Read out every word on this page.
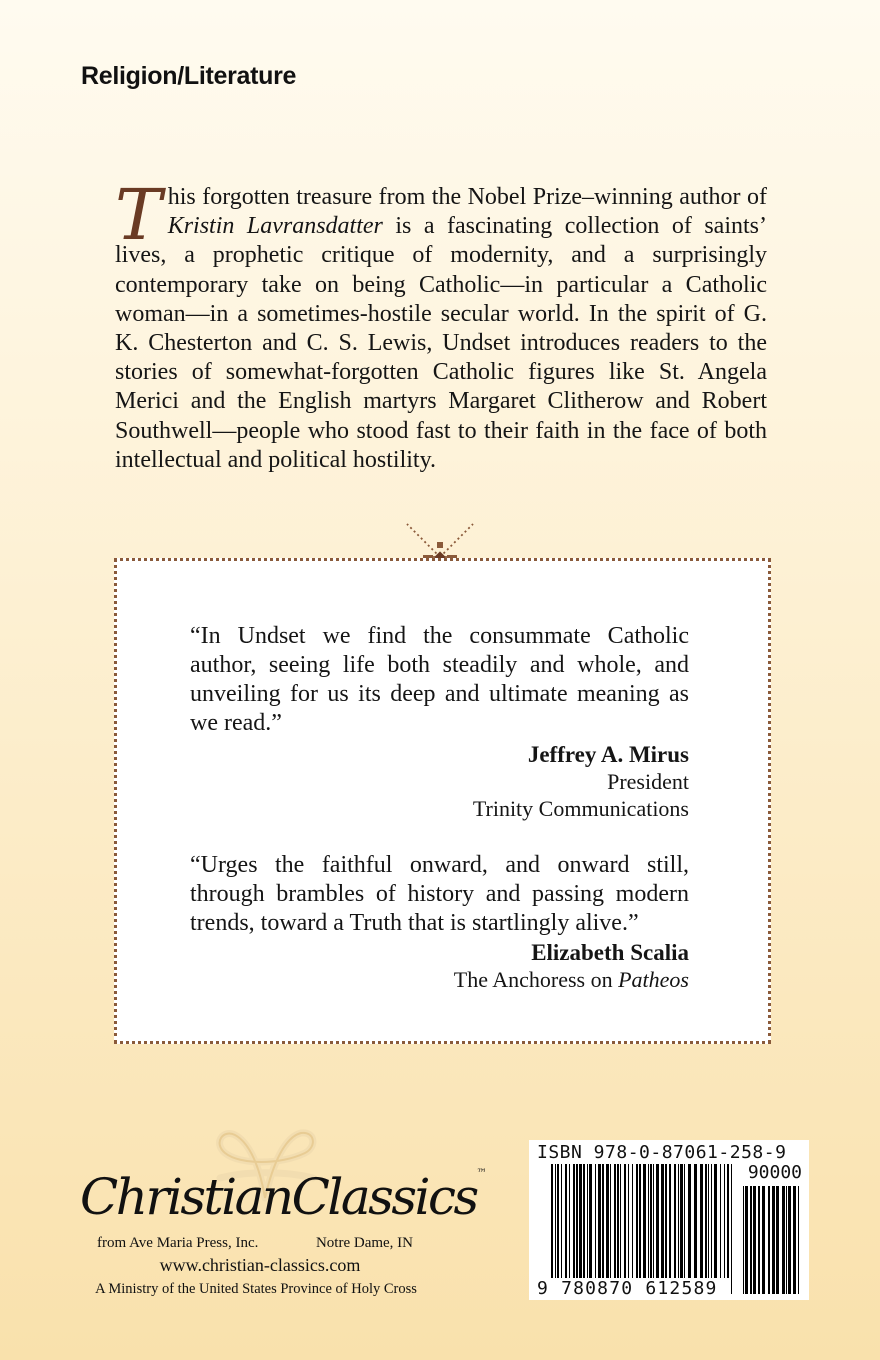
Religion/Literature
This forgotten treasure from the Nobel Prize–winning author of Kristin Lavransdatter is a fascinating collection of saints’ lives, a prophetic critique of modernity, and a surprisingly contemporary take on being Catholic—in particular a Catholic woman—in a sometimes-hostile secular world. In the spirit of G. K. Chesterton and C. S. Lewis, Undset introduces readers to the stories of somewhat-forgotten Catholic figures like St. Angela Merici and the English martyrs Margaret Clitherow and Robert Southwell—people who stood fast to their faith in the face of both intellectual and political hostility.
“In Undset we find the consummate Catholic author, seeing life both steadily and whole, and unveiling for us its deep and ultimate meaning as we read.”
Jeffrey A. Mirus
President
Trinity Communications
“Urges the faithful onward, and onward still, through brambles of history and passing modern trends, toward a Truth that is startlingly alive.”
Elizabeth Scalia
The Anchoress on Patheos
ChristianClassics™
from Ave Maria Press, Inc.	Notre Dame, IN
www.christian-classics.com
A Ministry of the United States Province of Holy Cross
ISBN 978-0-87061-258-9
90000
9 780870 612589
